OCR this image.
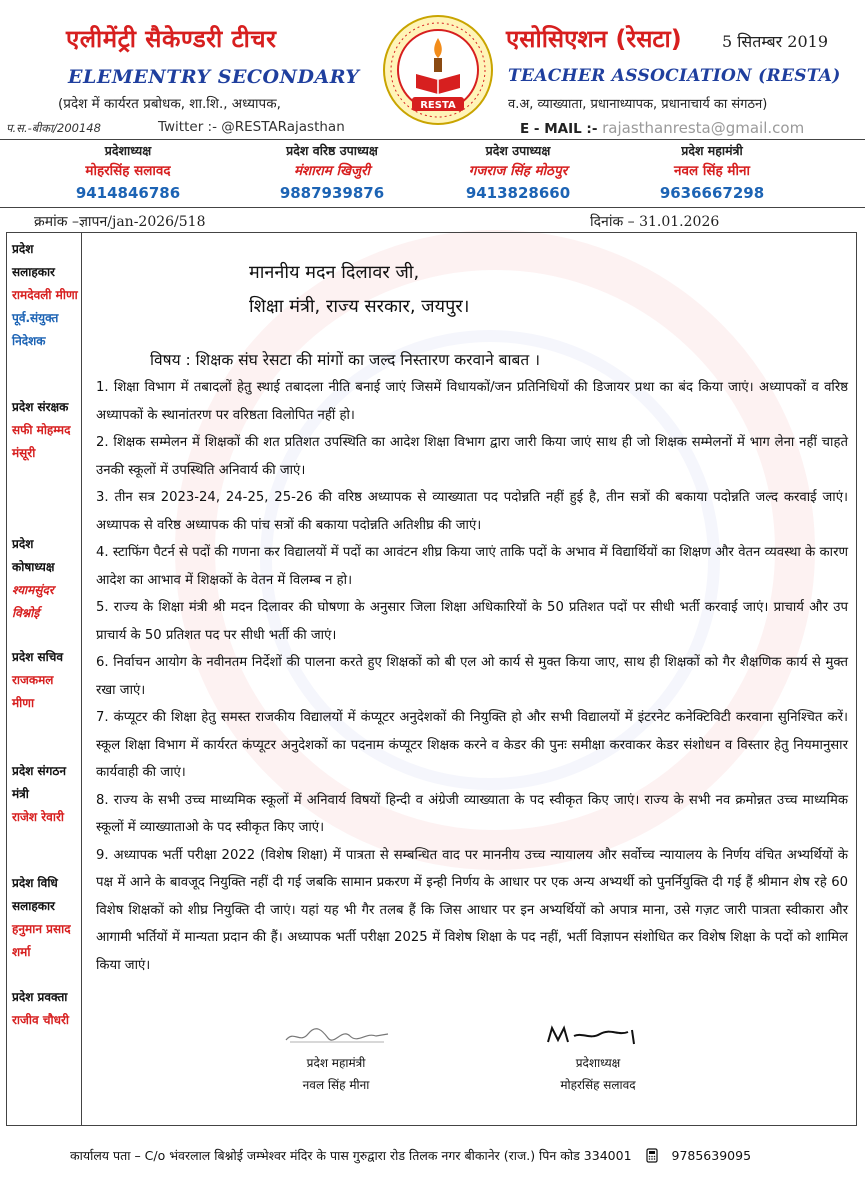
एलीमेंट्री सैकेण्डरी टीचर	एसोसिएशन (रेसटा)	5 सितम्बर 2019
ELEMENTRY SECONDARY	TEACHER ASSOCIATION (RESTA)
(प्रदेश में कार्यरत प्रबोधक, शा.शि., अध्यापक,	व.अ, व्याख्याता, प्रधानाध्यापक, प्रधानाचार्य का संगठन)
प.स.-बीका/200148	Twitter :- @RESTARajasthan	E - MAIL :- rajasthanresta@gmail.com
RESTA
प्रदेशाध्यक्ष
मोहरसिंह सलावद
9414846786
प्रदेश वरिष्ठ उपाध्यक्ष
मंशाराम खिजुरी
9887939876
प्रदेश उपाध्यक्ष
गजराज सिंह मोठपुर
9413828660
प्रदेश महामंत्री
नवल सिंह मीना
9636667298
क्रमांक –ज्ञापन/jan-2026/518	दिनांक – 31.01.2026
प्रदेश सलाहकार
रामदेवली मीणा
पूर्व.संयुक्त निदेशक
प्रदेश संरक्षक
सफी मोहम्मद मंसूरी
प्रदेश कोषाध्यक्ष
श्यामसुंदर विश्नोई
प्रदेश सचिव
राजकमल मीणा
प्रदेश संगठन मंत्री
राजेश रेवारी
प्रदेश विधि सलाहकार
हनुमान प्रसाद शर्मा
प्रदेश प्रवक्ता
राजीव चौधरी
माननीय मदन दिलावर जी,
शिक्षा मंत्री, राज्य सरकार, जयपुर।
विषय : शिक्षक संघ रेसटा की मांगों का जल्द निस्तारण करवाने बाबत ।

1. शिक्षा विभाग में तबादलों हेतु स्थाई तबादला नीति बनाई जाएं जिसमें विधायकों/जन प्रतिनिधियों की डिजायर प्रथा का बंद किया जाएं। अध्यापकों व वरिष्ठ अध्यापकों के स्थानांतरण पर वरिष्ठता विलोपित नहीं हो।

2. शिक्षक सम्मेलन में शिक्षकों की शत प्रतिशत उपस्थिति का आदेश शिक्षा विभाग द्वारा जारी किया जाएं साथ ही जो शिक्षक सम्मेलनों में भाग लेना नहीं चाहते उनकी स्कूलों में उपस्थिति अनिवार्य की जाएं।

3. तीन सत्र 2023-24, 24-25, 25-26 की वरिष्ठ अध्यापक से व्याख्याता पद पदोन्नति नहीं हुई है, तीन सत्रों की बकाया पदोन्नति जल्द करवाई जाएं। अध्यापक से वरिष्ठ अध्यापक की पांच सत्रों की बकाया पदोन्नति अतिशीघ्र की जाएं।

4. स्टाफिंग पैटर्न से पदों की गणना कर विद्यालयों में पदों का आवंटन शीघ्र किया जाएं ताकि पदों के अभाव में विद्यार्थियों का शिक्षण और वेतन व्यवस्था के कारण आदेश का आभाव में शिक्षकों के वेतन में विलम्ब न हो।

5. राज्य के शिक्षा मंत्री श्री मदन दिलावर की घोषणा के अनुसार जिला शिक्षा अधिकारियों के 50 प्रतिशत पदों पर सीधी भर्ती करवाई जाएं। प्राचार्य और उप प्राचार्य के 50 प्रतिशत पद पर सीधी भर्ती की जाएं।

6. निर्वाचन आयोग के नवीनतम निर्देशों की पालना करते हुए शिक्षकों को बी एल ओ कार्य से मुक्त किया जाए, साथ ही शिक्षकों को गैर शैक्षणिक कार्य से मुक्त रखा जाएं।

7. कंप्यूटर की शिक्षा हेतु समस्त राजकीय विद्यालयों में कंप्यूटर अनुदेशकों की नियुक्ति हो और सभी विद्यालयों में इंटरनेट कनेक्टिविटी करवाना सुनिश्चित करें। स्कूल शिक्षा विभाग में कार्यरत कंप्यूटर अनुदेशकों का पदनाम कंप्यूटर शिक्षक करने व केडर की पुनः समीक्षा करवाकर केडर संशोधन व विस्तार हेतु नियमानुसार कार्यवाही की जाएं।

8. राज्य के सभी उच्च माध्यमिक स्कूलों में अनिवार्य विषयों हिन्दी व अंग्रेजी व्याख्याता के पद स्वीकृत किए जाएं। राज्य के सभी नव क्रमोन्नत उच्च माध्यमिक स्कूलों में व्याख्याताओ के पद स्वीकृत किए जाएं।

9. अध्यापक भर्ती परीक्षा 2022 (विशेष शिक्षा) में पात्रता से सम्बन्धित वाद पर माननीय उच्च न्यायालय और सर्वोच्च न्यायालय के निर्णय वंचित अभ्यर्थियों के पक्ष में आने के बावजूद नियुक्ति नहीं दी गई जबकि सामान प्रकरण में इन्ही निर्णय के आधार पर एक अन्य अभ्यर्थी को पुनर्नियुक्ति दी गई हैं श्रीमान शेष रहे 60 विशेष शिक्षकों को शीघ्र नियुक्ति दी जाएं। यहां यह भी गैर तलब हैं कि जिस आधार पर इन अभ्यर्थियों को अपात्र माना, उसे गज़ट जारी पात्रता स्वीकारा और आगामी भर्तियों में मान्यता प्रदान की हैं। अध्यापक भर्ती परीक्षा 2025 में विशेष शिक्षा के पद नहीं, भर्ती विज्ञापन संशोधित कर विशेष शिक्षा के पदों को शामिल किया जाएं।

प्रदेश महामंत्री
नवल सिंह मीना
प्रदेशाध्यक्ष
मोहरसिंह सलावद
कार्यालय पता – C/o भंवरलाल बिश्नोई जम्भेश्वर मंदिर के पास गुरुद्वारा रोड तिलक नगर बीकानेर (राज.) पिन कोड 334001	9785639095
